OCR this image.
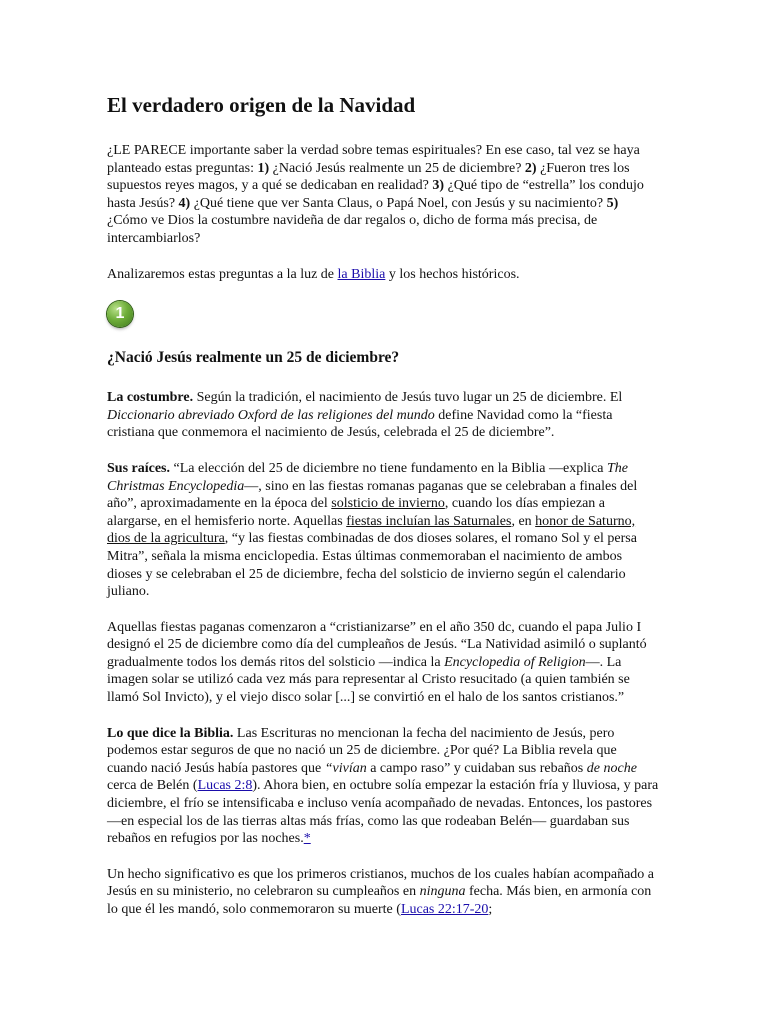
El verdadero origen de la Navidad

¿LE PARECE importante saber la verdad sobre temas espirituales? En ese caso, tal vez se haya planteado estas preguntas: 1) ¿Nació Jesús realmente un 25 de diciembre? 2) ¿Fueron tres los supuestos reyes magos, y a qué se dedicaban en realidad? 3) ¿Qué tipo de “estrella” los condujo hasta Jesús? 4) ¿Qué tiene que ver Santa Claus, o Papá Noel, con Jesús y su nacimiento? 5) ¿Cómo ve Dios la costumbre navideña de dar regalos o, dicho de forma más precisa, de intercambiarlos?

Analizaremos estas preguntas a la luz de la Biblia y los hechos históricos.

1
¿Nació Jesús realmente un 25 de diciembre?

La costumbre. Según la tradición, el nacimiento de Jesús tuvo lugar un 25 de diciembre. El Diccionario abreviado Oxford de las religiones del mundo define Navidad como la “fiesta cristiana que conmemora el nacimiento de Jesús, celebrada el 25 de diciembre”.

Sus raíces. “La elección del 25 de diciembre no tiene fundamento en la Biblia —explica The Christmas Encyclopedia—, sino en las fiestas romanas paganas que se celebraban a finales del año”, aproximadamente en la época del solsticio de invierno, cuando los días empiezan a alargarse, en el hemisferio norte. Aquellas fiestas incluían las Saturnales, en honor de Saturno, dios de la agricultura, “y las fiestas combinadas de dos dioses solares, el romano Sol y el persa Mitra”, señala la misma enciclopedia. Estas últimas conmemoraban el nacimiento de ambos dioses y se celebraban el 25 de diciembre, fecha del solsticio de invierno según el calendario juliano.

Aquellas fiestas paganas comenzaron a “cristianizarse” en el año 350 dc, cuando el papa Julio I designó el 25 de diciembre como día del cumpleaños de Jesús. “La Natividad asimiló o suplantó gradualmente todos los demás ritos del solsticio —indica la Encyclopedia of Religion—. La imagen solar se utilizó cada vez más para representar al Cristo resucitado (a quien también se llamó Sol Invicto), y el viejo disco solar [...] se convirtió en el halo de los santos cristianos.”

Lo que dice la Biblia. Las Escrituras no mencionan la fecha del nacimiento de Jesús, pero podemos estar seguros de que no nació un 25 de diciembre. ¿Por qué? La Biblia revela que cuando nació Jesús había pastores que “vivían a campo raso” y cuidaban sus rebaños de noche cerca de Belén (Lucas 2:8). Ahora bien, en octubre solía empezar la estación fría y lluviosa, y para diciembre, el frío se intensificaba e incluso venía acompañado de nevadas. Entonces, los pastores —en especial los de las tierras altas más frías, como las que rodeaban Belén— guardaban sus rebaños en refugios por las noches.*

Un hecho significativo es que los primeros cristianos, muchos de los cuales habían acompañado a Jesús en su ministerio, no celebraron su cumpleaños en ninguna fecha. Más bien, en armonía con lo que él les mandó, solo conmemoraron su muerte (Lucas 22:17-20;
